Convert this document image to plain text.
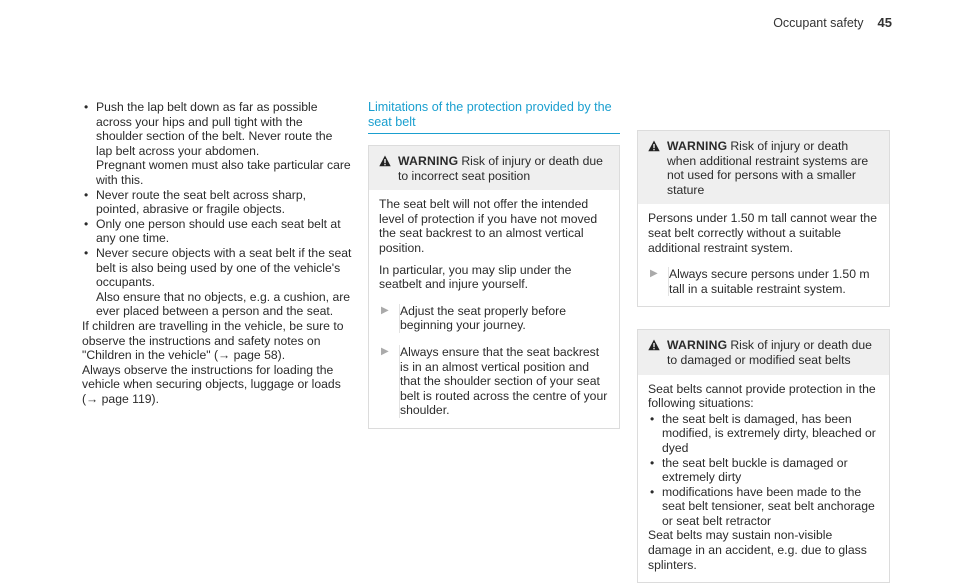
Occupant safety 45
• Push the lap belt down as far as possible across your hips and pull tight with the shoulder section of the belt. Never route the lap belt across your abdomen.
Pregnant women must also take particular care with this.
• Never route the seat belt across sharp, pointed, abrasive or fragile objects.
• Only one person should use each seat belt at any one time.
• Never secure objects with a seat belt if the seat belt is also being used by one of the vehicle's occupants.
Also ensure that no objects, e.g. a cushion, are ever placed between a person and the seat.

If children are travelling in the vehicle, be sure to observe the instructions and safety notes on "Children in the vehicle" (→ page 58).

Always observe the instructions for loading the vehicle when securing objects, luggage or loads (→ page 119).

Limitations of the protection provided by the seat belt
WARNING Risk of injury or death due to incorrect seat position

The seat belt will not offer the intended level of protection if you have not moved the seat backrest to an almost vertical position.

In particular, you may slip under the seatbelt and injure yourself.

▶ Adjust the seat properly before beginning your journey.
▶ Always ensure that the seat backrest is in an almost vertical position and that the shoulder section of your seat belt is routed across the centre of your shoulder.
WARNING Risk of injury or death when additional restraint systems are not used for persons with a smaller stature

Persons under 1.50 m tall cannot wear the seat belt correctly without a suitable additional restraint system.

▶ Always secure persons under 1.50 m tall in a suitable restraint system.
WARNING Risk of injury or death due to damaged or modified seat belts

Seat belts cannot provide protection in the following situations:

• the seat belt is damaged, has been modified, is extremely dirty, bleached or dyed
• the seat belt buckle is damaged or extremely dirty
• modifications have been made to the seat belt tensioner, seat belt anchorage or seat belt retractor

Seat belts may sustain non-visible damage in an accident, e.g. due to glass splinters.
